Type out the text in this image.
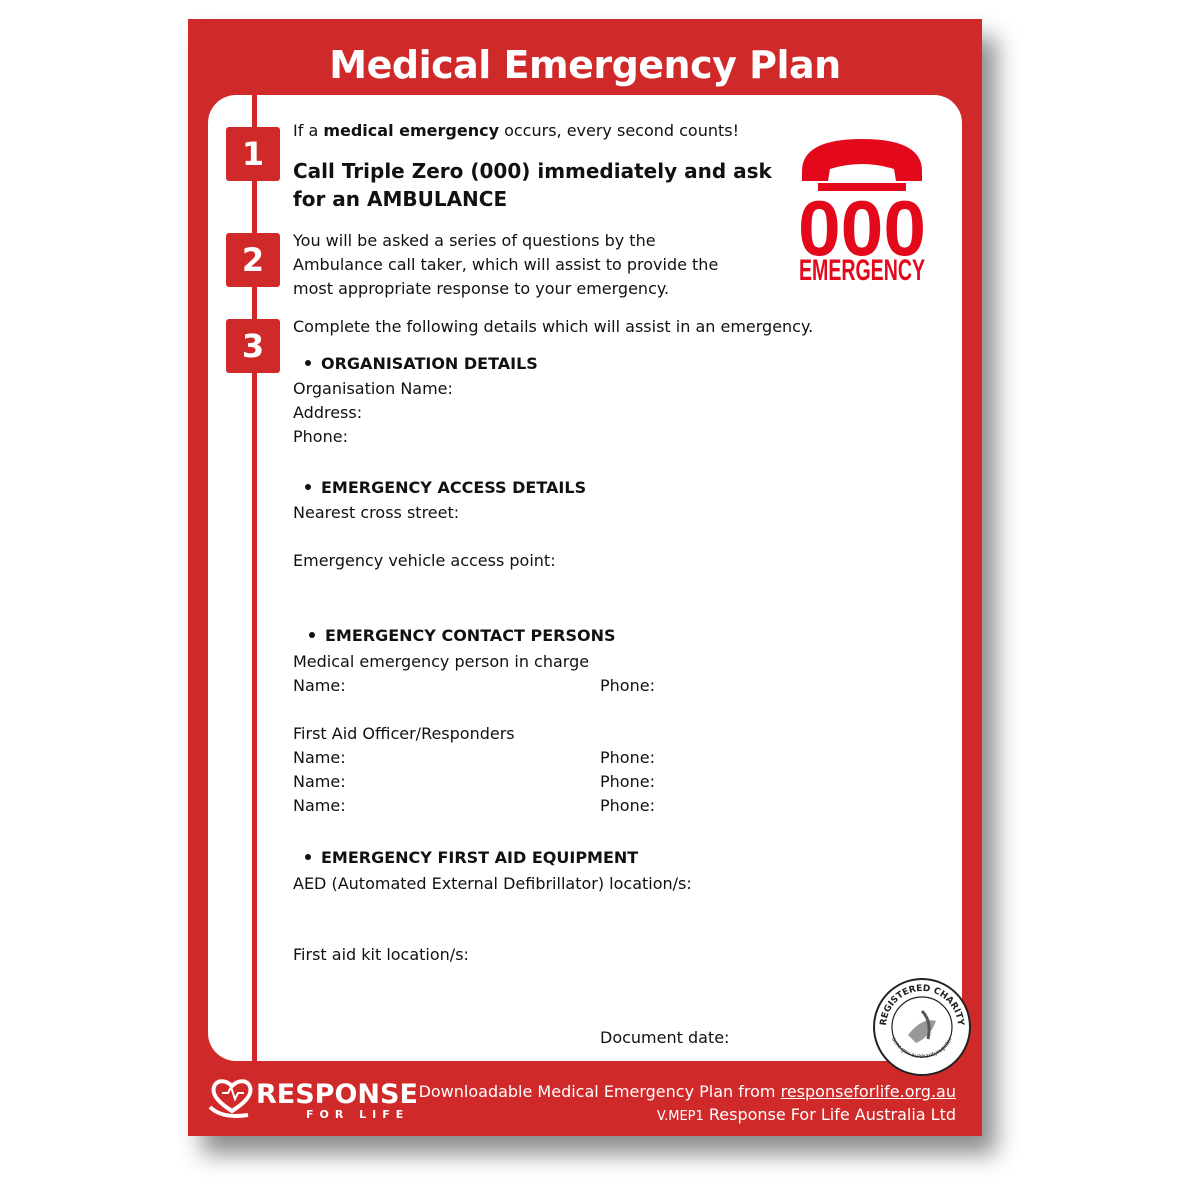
Medical Emergency Plan
1
2
3
If a medical emergency occurs, every second counts!
Call Triple Zero (000) immediately and ask
for an AMBULANCE
You will be asked a series of questions by the
Ambulance call taker, which will assist to provide the
most appropriate response to your emergency.
Complete the following details which will assist in an emergency.
ORGANISATION DETAILS
Organisation Name:
Address:
Phone:
EMERGENCY ACCESS DETAILS
Nearest cross street:
Emergency vehicle access point:
EMERGENCY CONTACT PERSONS
Medical emergency person in charge
Name:	Phone:
First Aid Officer/Responders
Name:	Phone:
Name:	Phone:
Name:	Phone:
EMERGENCY FIRST AID EQUIPMENT
AED (Automated External Defibrillator) location/s:
First aid kit location/s:
Document date:
000
EMERGENCY
REGISTERED CHARITY
acnc.gov.au/charityregister
RESPONSE
FOR LIFE
Downloadable Medical Emergency Plan from responseforlife.org.au
V.MEP1 Response For Life Australia Ltd
